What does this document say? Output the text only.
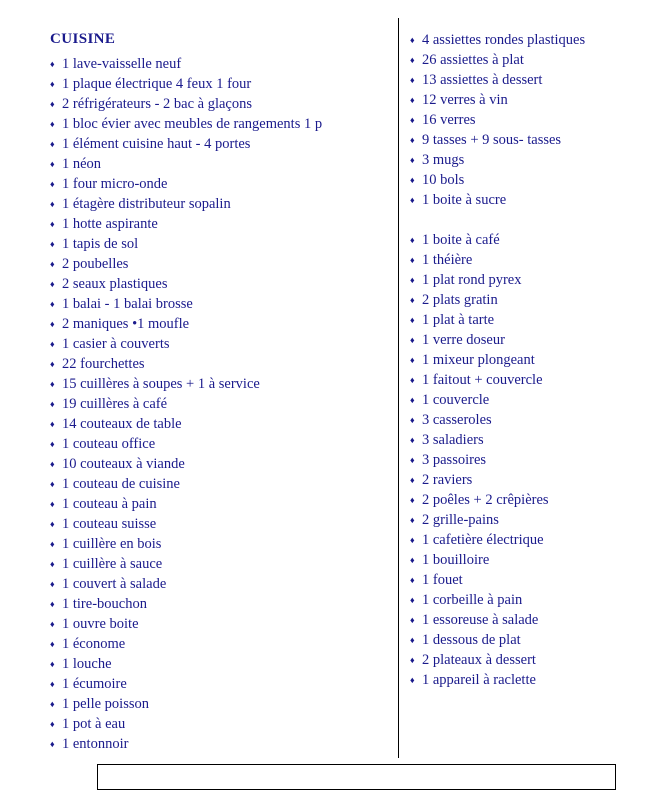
CUISINE
♦ 1 lave-vaisselle neuf
♦ 1 plaque électrique 4 feux 1 four
♦ 2 réfrigérateurs - 2 bac à glaçons
♦ 1 bloc évier avec meubles de rangements 1 p
♦ 1 élément cuisine haut - 4 portes
♦ 1 néon
♦ 1 four micro-onde
♦ 1 étagère distributeur sopalin
♦ 1 hotte aspirante
♦ 1 tapis de sol
♦ 2 poubelles
♦ 2 seaux plastiques
♦ 1 balai - 1 balai brosse
♦ 2 maniques •1 moufle
♦ 1 casier à couverts
♦ 22 fourchettes
♦ 15 cuillères à soupes + 1 à service
♦ 19 cuillères à café
♦ 14 couteaux de table
♦ 1 couteau office
♦ 10 couteaux à viande
♦ 1 couteau de cuisine
♦ 1 couteau à pain
♦ 1 couteau suisse
♦ 1 cuillère en bois
♦ 1 cuillère à sauce
♦ 1 couvert à salade
♦ 1 tire-bouchon
♦ 1 ouvre boite
♦ 1 économe
♦ 1 louche
♦ 1 écumoire
♦ 1 pelle poisson
♦ 1 pot à eau
♦ 1 entonnoir
♦ 4 assiettes rondes plastiques
♦ 26 assiettes à plat
♦ 13 assiettes à dessert
♦ 12 verres à vin
♦ 16 verres
♦ 9 tasses + 9 sous- tasses
♦ 3 mugs
♦ 10 bols
♦ 1 boite à sucre
♦ 1 boite à café
♦ 1 théière
♦ 1 plat rond pyrex
♦ 2 plats gratin
♦ 1 plat à tarte
♦ 1 verre doseur
♦ 1 mixeur plongeant
♦ 1 faitout + couvercle
♦ 1 couvercle
♦ 3 casseroles
♦ 3 saladiers
♦ 3 passoires
♦ 2 raviers
♦ 2 poêles + 2 crêpières
♦ 2 grille-pains
♦ 1 cafetière électrique
♦ 1 bouilloire
♦ 1 fouet
♦ 1 corbeille à pain
♦ 1 essoreuse à salade
♦ 1 dessous de plat
♦ 2 plateaux à dessert
♦ 1 appareil à raclette
